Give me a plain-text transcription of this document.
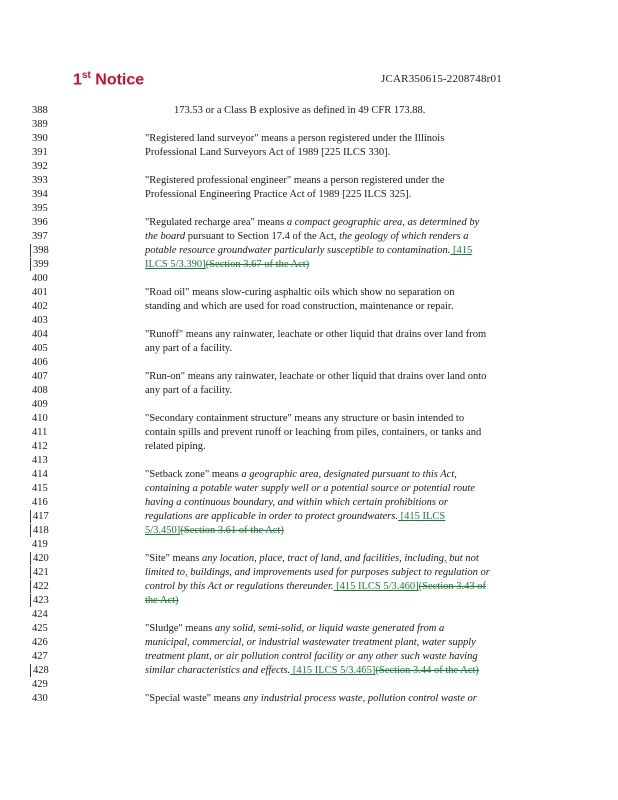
1st Notice	JCAR350615-2208748r01
388
389
390
391
392
393
394
395
396
397
398
399
400
401
402
403
404
405
406
407
408
409
410
411
412
413
414
415
416
417
418
419
420
421
422
423
424
425
426
427
428
429
430
173.53 or a Class B explosive as defined in 49 CFR 173.88.
"Registered land surveyor" means a person registered under the Illinois
Professional Land Surveyors Act of 1989 [225 ILCS 330].
"Registered professional engineer" means a person registered under the
Professional Engineering Practice Act of 1989 [225 ILCS 325].
"Regulated recharge area" means a compact geographic area, as determined by
the board pursuant to Section 17.4 of the Act, the geology of which renders a
potable resource groundwater particularly susceptible to contamination. [415
ILCS 5/3.390](Section 3.67 of the Act)
"Road oil" means slow-curing asphaltic oils which show no separation on
standing and which are used for road construction, maintenance or repair.
"Runoff" means any rainwater, leachate or other liquid that drains over land from
any part of a facility.
"Run-on" means any rainwater, leachate or other liquid that drains over land onto
any part of a facility.
"Secondary containment structure" means any structure or basin intended to
contain spills and prevent runoff or leaching from piles, containers, or tanks and
related piping.
"Setback zone" means a geographic area, designated pursuant to this Act,
containing a potable water supply well or a potential source or potential route
having a continuous boundary, and within which certain prohibitions or
regulations are applicable in order to protect groundwaters. [415 ILCS
5/3.450](Section 3.61 of the Act)
"Site" means any location, place, tract of land, and facilities, including, but not
limited to, buildings, and improvements used for purposes subject to regulation or
control by this Act or regulations thereunder. [415 ILCS 5/3.460](Section 3.43 of
the Act)
"Sludge" means any solid, semi-solid, or liquid waste generated from a
municipal, commercial, or industrial wastewater treatment plant, water supply
treatment plant, or air pollution control facility or any other such waste having
similar characteristics and effects. [415 ILCS 5/3.465](Section 3.44 of the Act)
"Special waste" means any industrial process waste, pollution control waste or
